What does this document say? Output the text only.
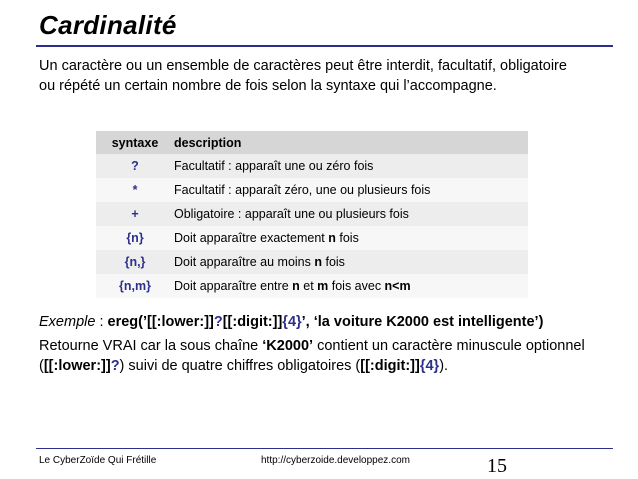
Cardinalité
Un caractère ou un ensemble de caractères peut être interdit, facultatif, obligatoire ou répété un certain nombre de fois selon la syntaxe qui l’accompagne.
syntaxe	description
?	Facultatif : apparaît une ou zéro fois
*	Facultatif : apparaît zéro, une ou plusieurs fois
+	Obligatoire : apparaît une ou plusieurs fois
{n}	Doit apparaître exactement n fois
{n,}	Doit apparaître au moins n fois
{n,m}	Doit apparaître entre n et m fois avec n<m
Exemple : ereg(’[[:lower:]]?[[:digit:]]{4}’, ‘la voiture K2000 est intelligente’)
Retourne VRAI car la sous chaîne ‘K2000’ contient un caractère minuscule optionnel ([[:lower:]]?) suivi de quatre chiffres obligatoires ([[:digit:]]{4}).
Le CyberZoïde Qui Frétille	http://cyberzoide.developpez.com	15
